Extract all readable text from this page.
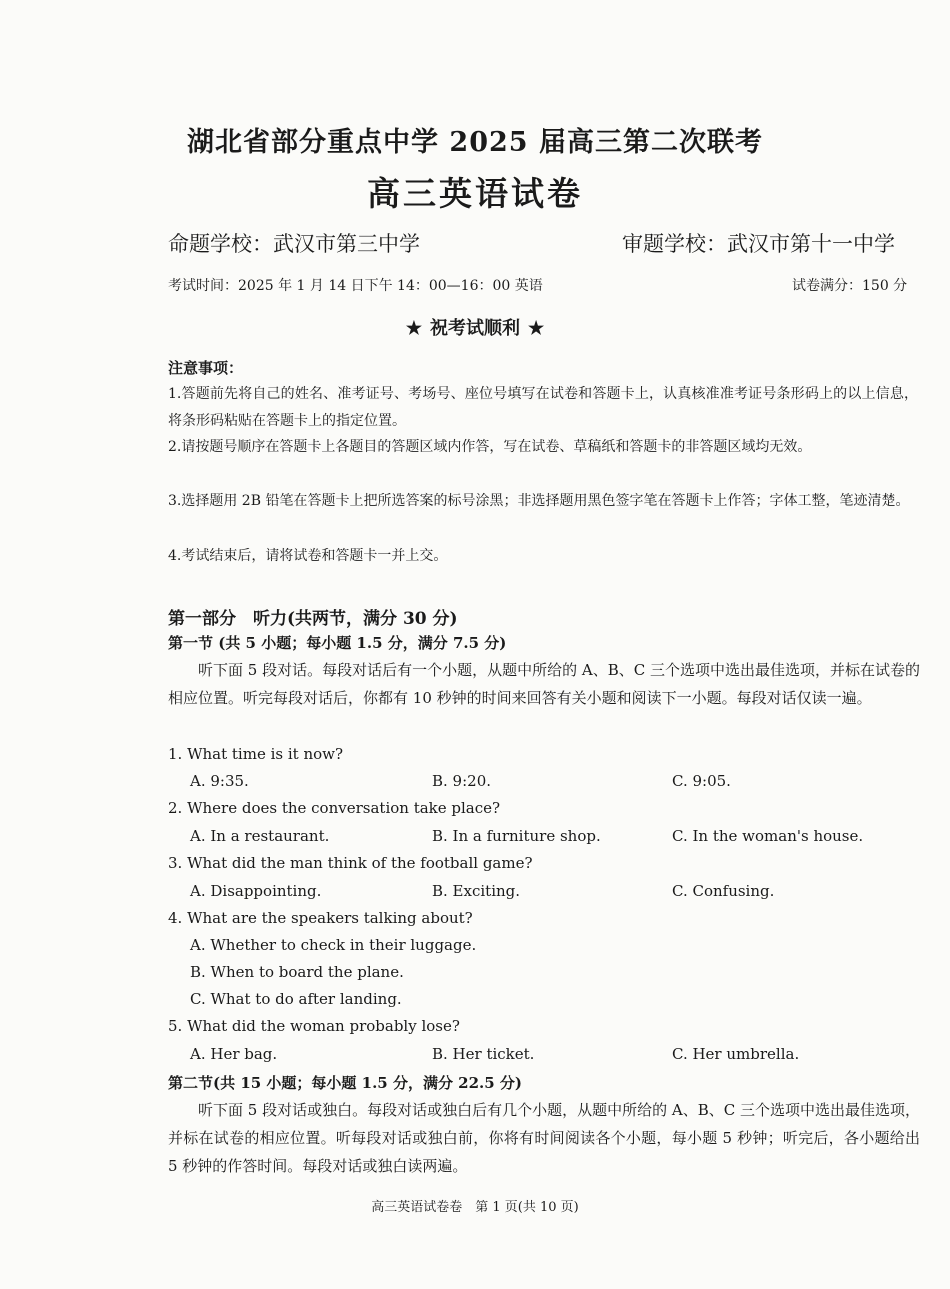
湖北省部分重点中学 2025 届高三第二次联考
高三英语试卷
命题学校：武汉市第三中学	审题学校：武汉市第十一中学
考试时间：2025 年 1 月 14 日下午 14：00—16：00 英语	试卷满分：150 分
★ 祝考试顺利 ★
注意事项：
1.答题前先将自己的姓名、准考证号、考场号、座位号填写在试卷和答题卡上，认真核准准考证号条形码上的以上信息，将条形码粘贴在答题卡上的指定位置。
2.请按题号顺序在答题卡上各题目的答题区域内作答，写在试卷、草稿纸和答题卡的非答题区域均无效。
3.选择题用 2B 铅笔在答题卡上把所选答案的标号涂黑；非选择题用黑色签字笔在答题卡上作答；字体工整，笔迹清楚。
4.考试结束后，请将试卷和答题卡一并上交。
第一部分　听力(共两节，满分 30 分)
第一节 (共 5 小题；每小题 1.5 分，满分 7.5 分)
听下面 5 段对话。每段对话后有一个小题，从题中所给的 A、B、C 三个选项中选出最佳选项，并标在试卷的相应位置。听完每段对话后，你都有 10 秒钟的时间来回答有关小题和阅读下一小题。每段对话仅读一遍。
1. What time is it now?
A. 9:35.	B. 9:20.	C. 9:05.
2. Where does the conversation take place?
A. In a restaurant.	B. In a furniture shop.	C. In the woman's house.
3. What did the man think of the football game?
A. Disappointing.	B. Exciting.	C. Confusing.
4. What are the speakers talking about?
A. Whether to check in their luggage.
B. When to board the plane.
C. What to do after landing.
5. What did the woman probably lose?
A. Her bag.	B. Her ticket.	C. Her umbrella.
第二节(共 15 小题；每小题 1.5 分，满分 22.5 分)
听下面 5 段对话或独白。每段对话或独白后有几个小题，从题中所给的 A、B、C 三个选项中选出最佳选项，并标在试卷的相应位置。听每段对话或独白前，你将有时间阅读各个小题，每小题 5 秒钟；听完后，各小题给出 5 秒钟的作答时间。每段对话或独白读两遍。
高三英语试卷卷　第 1 页(共 10 页)
